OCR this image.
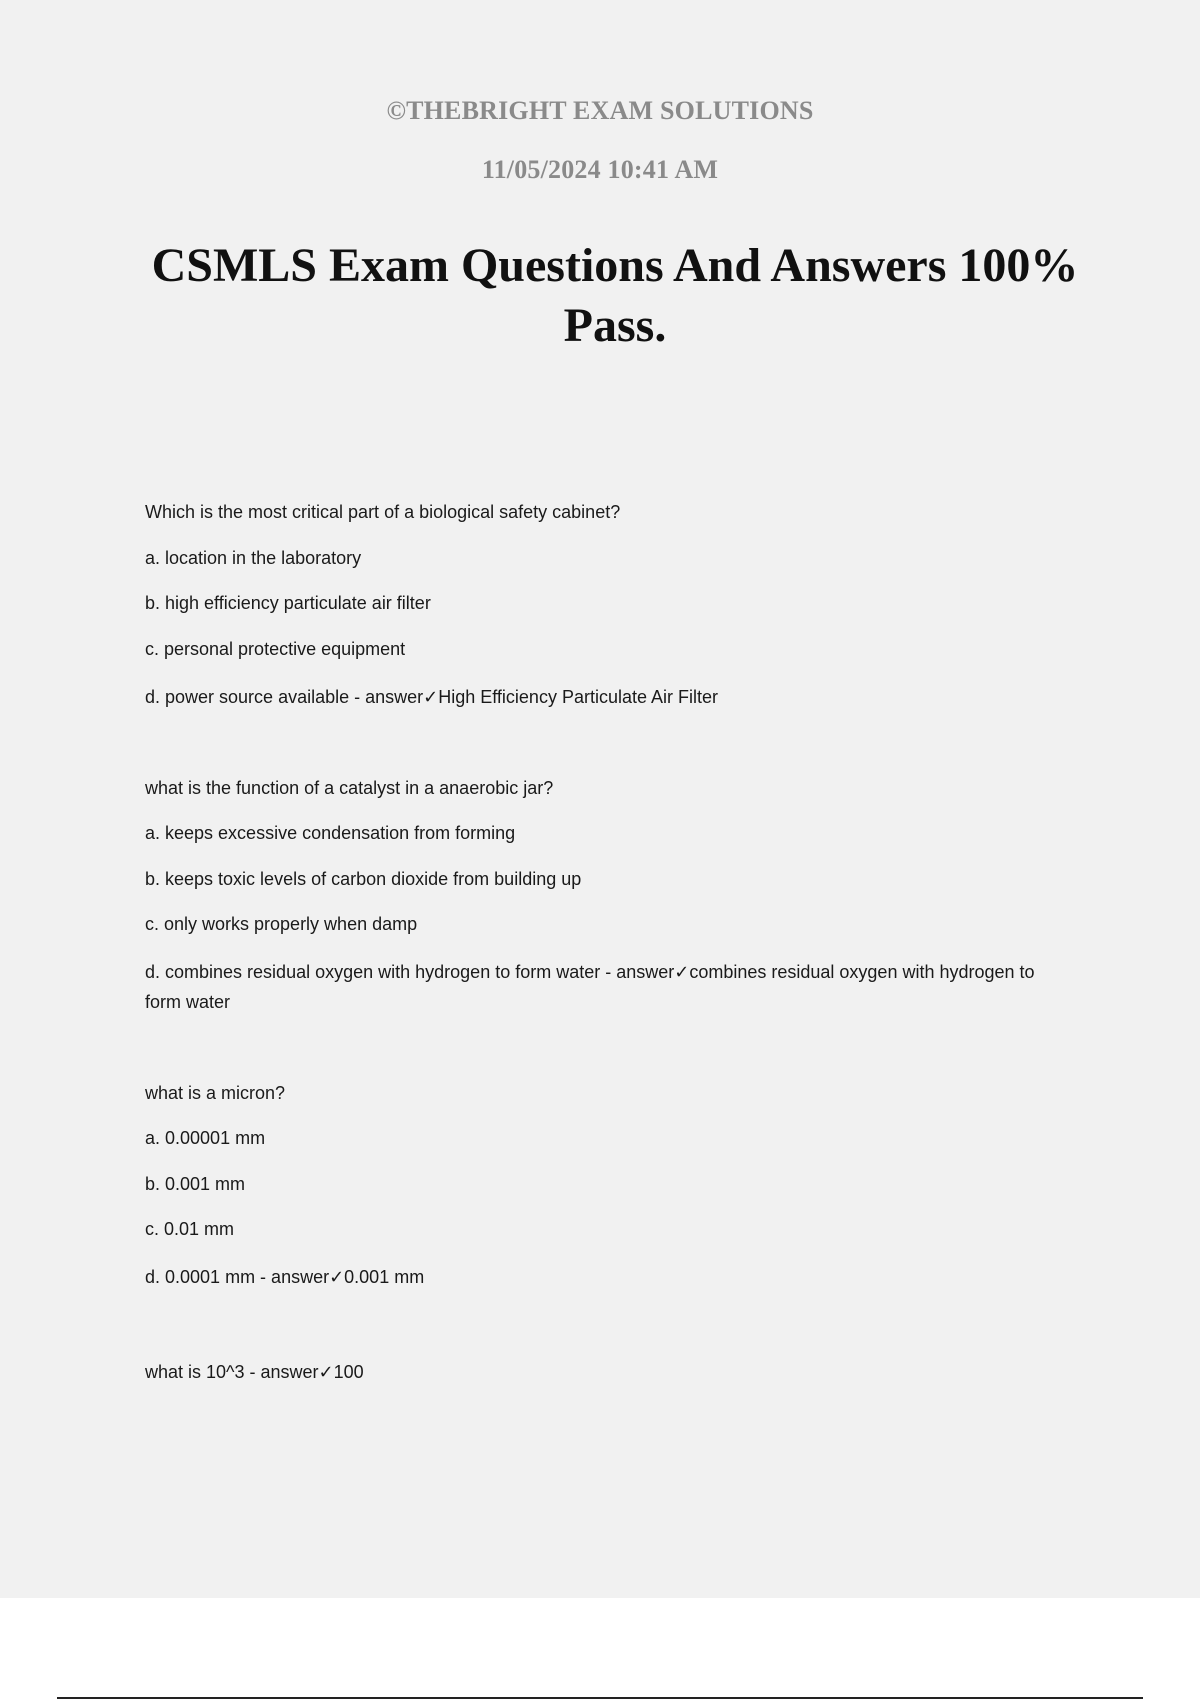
©THEBRIGHT EXAM SOLUTIONS
11/05/2024 10:41 AM
CSMLS Exam Questions And Answers 100% Pass.

Which is the most critical part of a biological safety cabinet?

a. location in the laboratory

b. high efficiency particulate air filter

c. personal protective equipment

d. power source available - answer✓High Efficiency Particulate Air Filter

what is the function of a catalyst in a anaerobic jar?

a. keeps excessive condensation from forming

b. keeps toxic levels of carbon dioxide from building up

c. only works properly when damp

d. combines residual oxygen with hydrogen to form water - answer✓combines residual oxygen with hydrogen to form water

what is a micron?

a. 0.00001 mm

b. 0.001 mm

c. 0.01 mm

d. 0.0001 mm - answer✓0.001 mm

what is 10^3 - answer✓100
